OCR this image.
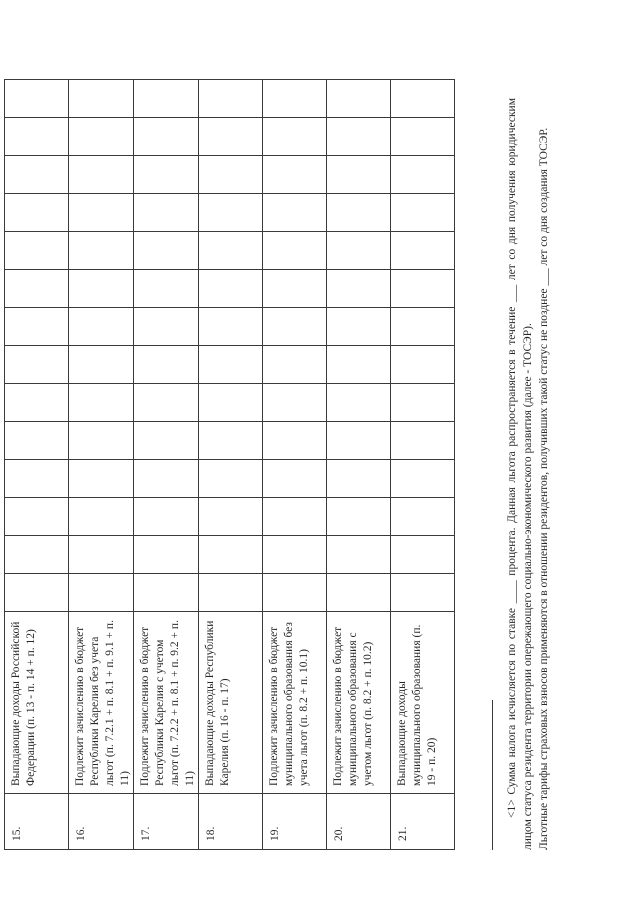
15.	Выпадающие доходы Российской Федерации (п. 13 - п. 14 + п. 12)														
16.	Подлежит зачислению в бюджет Республики Карелия без учета льгот (п. 7.2.1 + п. 8.1 + п. 9.1 + п. 11)														
17.	Подлежит зачислению в бюджет Республики Карелия с учетом льгот (п. 7.2.2 + п. 8.1 + п. 9.2 + п. 11)														
18.	Выпадающие доходы Республики Карелия (п. 16 - п. 17)														
19.	Подлежит зачислению в бюджет муниципального образования без учета льгот (п. 8.2 + п. 10.1)														
20.	Подлежит зачислению в бюджет муниципального образования с учетом льгот (п. 8.2 + п. 10.2)														
21.	Выпадающие доходы муниципального образования (п. 19 - п. 20)															<1> Сумма налога исчисляется по ставке ____ процента. Данная льгота распространяется в течение ___ лет со дня получения юридическим лицом статуса резидента территории опережающего социально-экономического развития (далее - ТОСЭР). Льготные тарифы страховых взносов применяются в отношении резидентов, получивших такой статус не позднее ___ лет со дня создания ТОСЭР.
